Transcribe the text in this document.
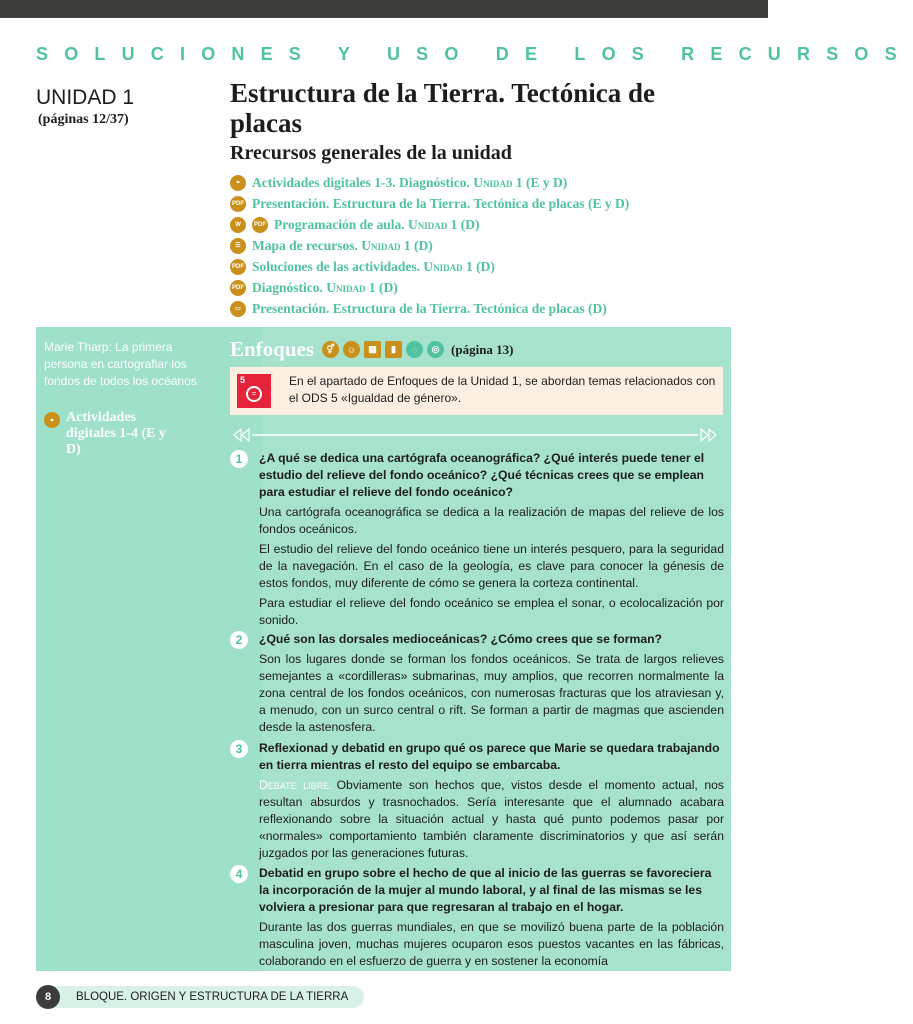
SOLUCIONES Y USO DE LOS RECURSOS
UNIDAD 1
(páginas 12/37)
Estructura de la Tierra. Tectónica de placas
Rrecursos generales de la unidad
⚭ Actividades digitales 1-3. Diagnóstico.
Unidad
1 (E y D)
PDF Presentación. Estructura de la Tierra. Tectónica de placas (E y D)
W	PDF Programación de aula.
Unidad
1 (D)
☰ Mapa de recursos.
Unidad
1 (D)
PDF Soluciones de las actividades.
Unidad
1 (D)
PDF Diagnóstico.
Unidad
1 (D)
▭ Presentación. Estructura de la Tierra. Tectónica de placas (D)
Marie Tharp: La primera persona en cartografiar los fondos de todos los océanos
⚭ Actividades digitales 1-4 (E y D)
Enfoques	⚥	☺	▦	▮	◌	◎ (página 13)
5
=
En el apartado de Enfoques de la Unidad 1, se abordan temas relacionados con el ODS 5 «Igualdad de género».
1	¿A qué se dedica una cartógrafa oceanográfica? ¿Qué interés puede tener el estudio del relieve del fondo oceánico? ¿Qué técnicas crees que se emplean para estudiar el relieve del fondo oceánico?
Una cartógrafa oceanográfica se dedica a la realización de mapas del relieve de los fondos oceánicos.
El estudio del relieve del fondo oceánico tiene un interés pesquero, para la seguridad de la navegación. En el caso de la geología, es clave para conocer la génesis de estos fondos, muy diferente de cómo se genera la corteza continental.
Para estudiar el relieve del fondo oceánico se emplea el sonar, o ecolocalización por sonido.
2	¿Qué son las dorsales medioceánicas? ¿Cómo crees que se forman?
Son los lugares donde se forman los fondos oceánicos. Se trata de largos relieves semejantes a «cordilleras» submarinas, muy amplios, que recorren normalmente la zona central de los fondos oceánicos, con numerosas fracturas que los atraviesan y, a menudo, con un surco central o rift. Se forman a partir de magmas que ascienden desde la astenosfera.
3	Reflexionad y debatid en grupo qué os parece que Marie se quedara trabajando en tierra mientras el resto del equipo se embarcaba.
Debate libre. Obviamente son hechos que, vistos desde el momento actual, nos resultan absurdos y trasnochados. Sería interesante que el alumnado acabara reflexionando sobre la situación actual y hasta qué punto podemos pasar por «normales» comportamiento también claramente discriminatorios y que así serán juzgados por las generaciones futuras.
4	Debatid en grupo sobre el hecho de que al inicio de las guerras se favoreciera la incorporación de la mujer al mundo laboral, y al final de las mismas se les volviera a presionar para que regresaran al trabajo en el hogar.
Durante las dos guerras mundiales, en que se movilizó buena parte de la población masculina joven, muchas mujeres ocuparon esos puestos vacantes en las fábricas, colaborando en el esfuerzo de guerra y en sostener la economía
8	BLOQUE. ORIGEN Y ESTRUCTURA DE LA TIERRA
